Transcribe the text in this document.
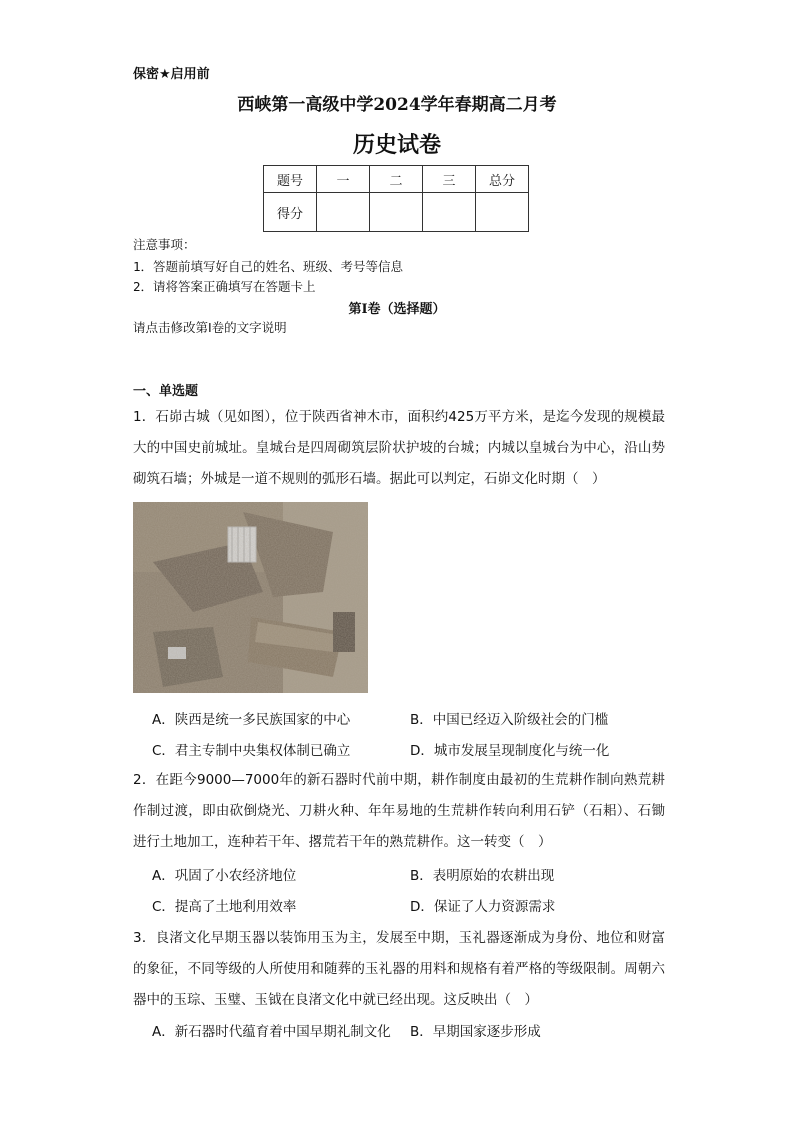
保密★启用前
西峡第一高级中学2024学年春期高二月考
历史试卷
题号	一	二	三	总分
得分				
注意事项：
1．答题前填写好自己的姓名、班级、考号等信息
2．请将答案正确填写在答题卡上
第I卷（选择题）
请点击修改第I卷的文字说明
一、单选题
1．石峁古城（见如图），位于陕西省神木市，面积约425万平方米，是迄今发现的规模最大的中国史前城址。皇城台是四周砌筑层阶状护坡的台城；内城以皇城台为中心，沿山势砌筑石墙；外城是一道不规则的弧形石墙。据此可以判定，石峁文化时期（　）
A．陕西是统一多民族国家的中心	B．中国已经迈入阶级社会的门槛
C．君主专制中央集权体制已确立	D．城市发展呈现制度化与统一化
2．在距今9000—7000年的新石器时代前中期，耕作制度由最初的生荒耕作制向熟荒耕作制过渡，即由砍倒烧光、刀耕火种、年年易地的生荒耕作转向利用石铲（石耜）、石锄进行土地加工，连种若干年、撂荒若干年的熟荒耕作。这一转变（　）
A．巩固了小农经济地位	B．表明原始的农耕出现
C．提高了土地利用效率	D．保证了人力资源需求
3．良渚文化早期玉器以装饰用玉为主，发展至中期，玉礼器逐渐成为身份、地位和财富的象征，不同等级的人所使用和随葬的玉礼器的用料和规格有着严格的等级限制。周朝六器中的玉琮、玉璧、玉钺在良渚文化中就已经出现。这反映出（　）
A．新石器时代蕴育着中国早期礼制文化 B．早期国家逐步形成
